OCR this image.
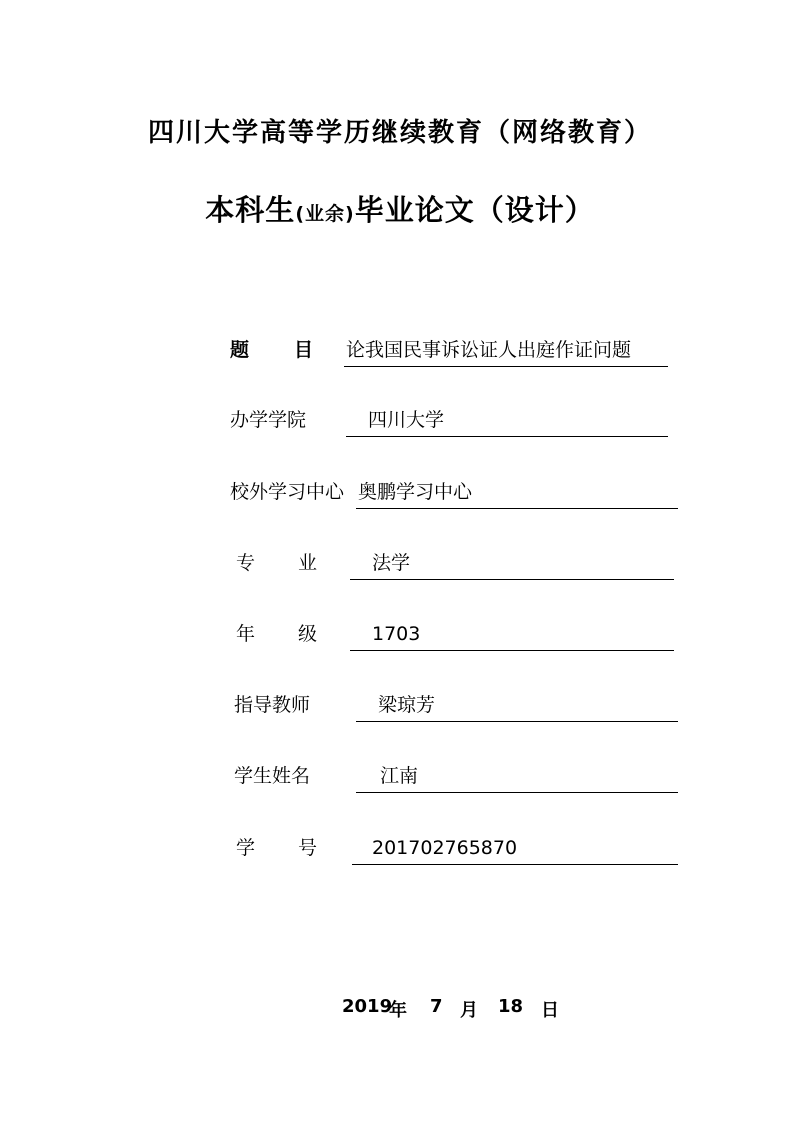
四川大学高等学历继续教育（网络教育）
本科生(业余)毕业论文（设计）
题 目 论我国民事诉讼证人出庭作证问题
办学学院	四川大学
校外学习中心 奥鹏学习中心
专 业	法学
年 级	1703
指导教师	梁琼芳
学生姓名	江南
学 号	201702765870
2019
年 7 月 18 日
